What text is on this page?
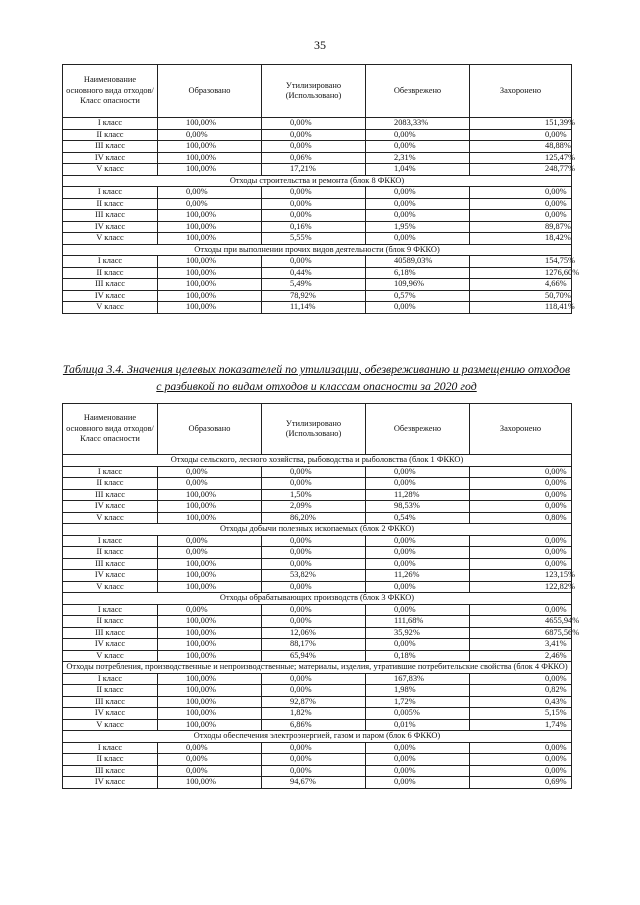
35
Наименование основного вида отходов/Класс опасности	Образовано	Утилизировано (Использовано)	Обезврежено	Захоронено
I класс	100,00%	0,00%	2083,33%	151,39%
II класс	0,00%	0,00%	0,00%	0,00%
III класс	100,00%	0,00%	0,00%	48,88%
IV класс	100,00%	0,06%	2,31%	125,47%
V класс	100,00%	17,21%	1,04%	248,77%
Отходы строительства и ремонта (блок 8 ФККО)				
I класс	0,00%	0,00%	0,00%	0,00%
II класс	0,00%	0,00%	0,00%	0,00%
III класс	100,00%	0,00%	0,00%	0,00%
IV класс	100,00%	0,16%	1,95%	89,87%
V класс	100,00%	5,55%	0,00%	18,42%
Отходы при выполнении прочих видов деятельности (блок 9 ФККО)				
I класс	100,00%	0,00%	40589,03%	154,75%
II класс	100,00%	0,44%	6,18%	1276,60%
III класс	100,00%	5,49%	109,96%	4,66%
IV класс	100,00%	78,92%	0,57%	50,70%
V класс	100,00%	11,14%	0,00%	118,41%
Таблица 3.4. Значения целевых показателей по утилизации, обезвреживанию и размещению отходов с разбивкой по видам отходов и классам опасности за 2020 год
Наименование основного вида отходов/Класс опасности	Образовано	Утилизировано (Использовано)	Обезврежено	Захоронено
Отходы сельского, лесного хозяйства, рыбоводства и рыболовства (блок 1 ФККО)				
I класс	0,00%	0,00%	0,00%	0,00%
II класс	0,00%	0,00%	0,00%	0,00%
III класс	100,00%	1,50%	11,28%	0,00%
IV класс	100,00%	2,09%	98,53%	0,00%
V класс	100,00%	86,20%	0,54%	0,80%
Отходы добычи полезных ископаемых (блок 2 ФККО)				
I класс	0,00%	0,00%	0,00%	0,00%
II класс	0,00%	0,00%	0,00%	0,00%
III класс	100,00%	0,00%	0,00%	0,00%
IV класс	100,00%	53,82%	11,26%	123,15%
V класс	100,00%	0,00%	0,00%	122,82%
Отходы обрабатывающих производств (блок 3 ФККО)				
I класс	0,00%	0,00%	0,00%	0,00%
II класс	100,00%	0,00%	111,68%	4655,94%
III класс	100,00%	12,06%	35,92%	6875,56%
IV класс	100,00%	88,17%	0,00%	3,41%
V класс	100,00%	65,94%	0,18%	2,46%
Отходы потребления, производственные и непроизводственные; материалы, изделия, утратившие потребительские свойства (блок 4 ФККО)				
I класс	100,00%	0,00%	167,83%	0,00%
II класс	100,00%	0,00%	1,98%	0,82%
III класс	100,00%	92,87%	1,72%	0,43%
IV класс	100,00%	1,82%	0,005%	5,15%
V класс	100,00%	6,86%	0,01%	1,74%
Отходы обеспечения электроэнергией, газом и паром (блок 6 ФККО)				
I класс	0,00%	0,00%	0,00%	0,00%
II класс	0,00%	0,00%	0,00%	0,00%
III класс	0,00%	0,00%	0,00%	0,00%
IV класс	100,00%	94,67%	0,00%	0,69%
